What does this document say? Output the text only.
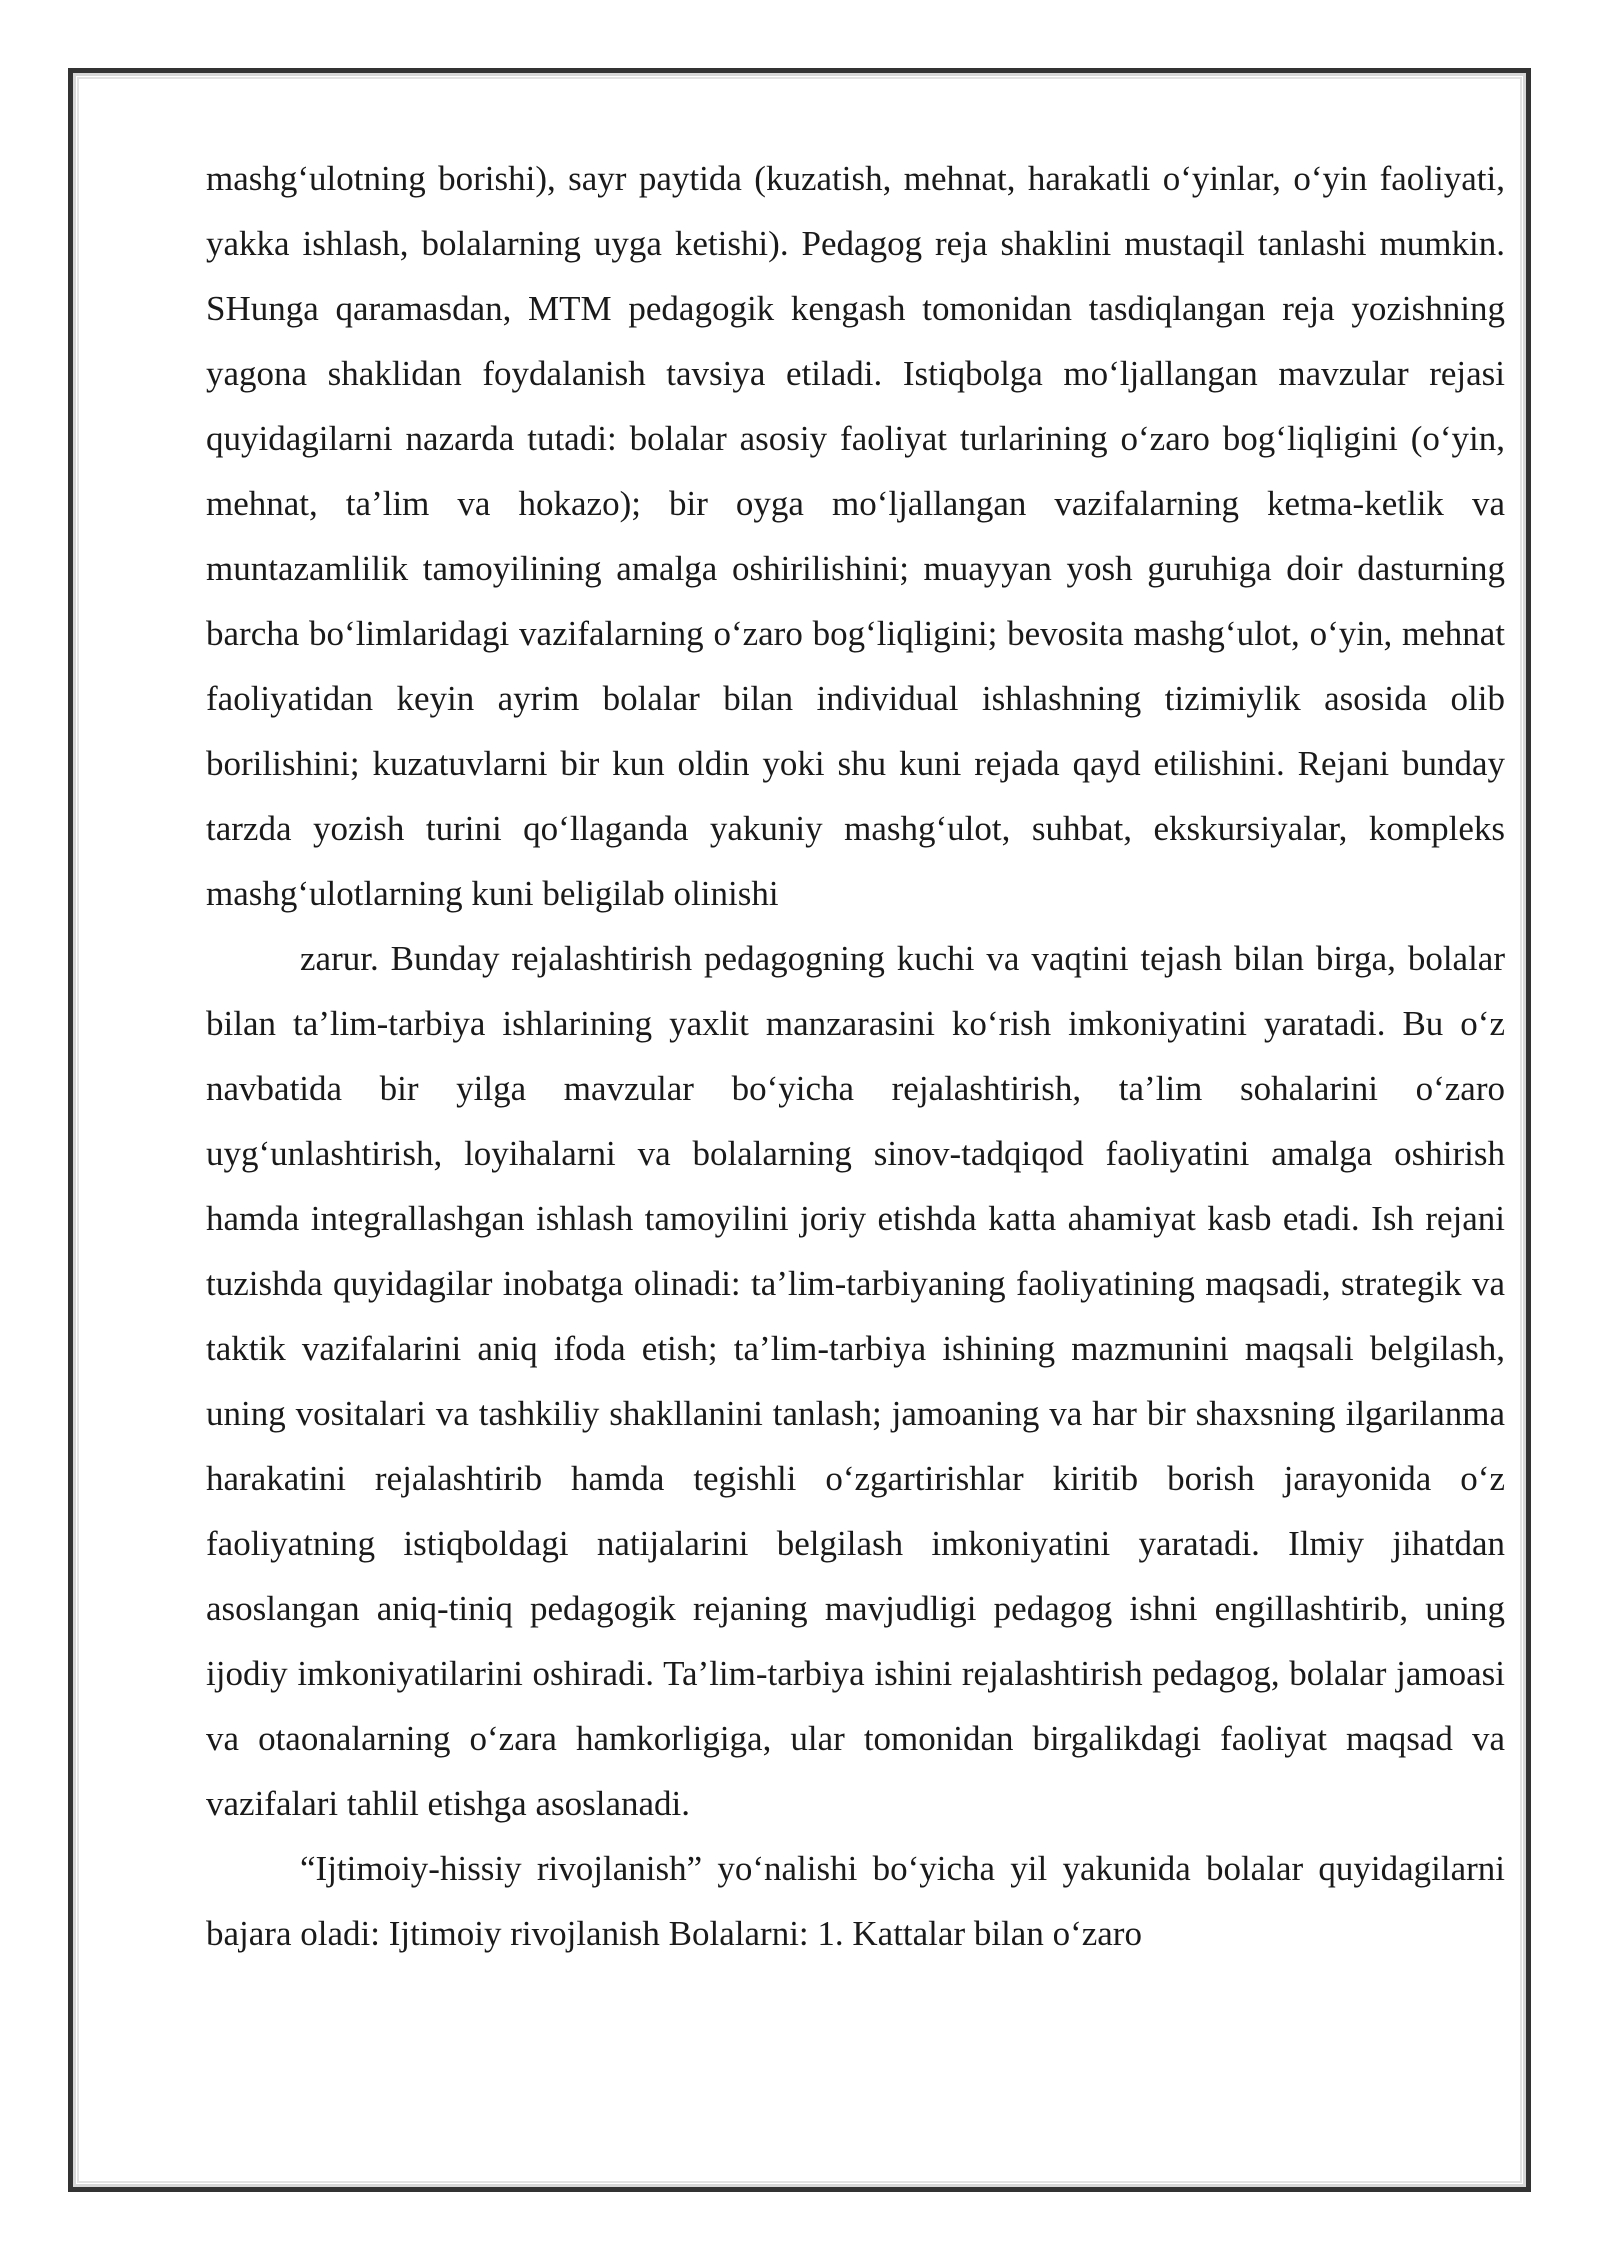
mashg‘ulotning borishi), sayr paytida (kuzatish, mehnat, harakatli o‘yinlar, o‘yin faoliyati, yakka ishlash, bolalarning uyga ketishi). Pedagog reja shaklini mustaqil tanlashi mumkin. SHunga qaramasdan, MTM pedagogik kengash tomonidan tasdiqlangan reja yozishning yagona shaklidan foydalanish tavsiya etiladi. Istiqbolga mo‘ljallangan mavzular rejasi quyidagilarni nazarda tutadi: bolalar asosiy faoliyat turlarining o‘zaro bog‘liqligini (o‘yin, mehnat, ta’lim va hokazo); bir oyga mo‘ljallangan vazifalarning ketma-ketlik va muntazamlilik tamoyilining amalga oshirilishini; muayyan yosh guruhiga doir dasturning barcha bo‘limlaridagi vazifalarning o‘zaro bog‘liqligini; bevosita mashg‘ulot, o‘yin, mehnat faoliyatidan keyin ayrim bolalar bilan individual ishlashning tizimiylik asosida olib borilishini; kuzatuvlarni bir kun oldin yoki shu kuni rejada qayd etilishini. Rejani bunday tarzda yozish turini qo‘llaganda yakuniy mashg‘ulot, suhbat, ekskursiyalar, kompleks mashg‘ulotlarning kuni beligilab olinishi

zarur. Bunday rejalashtirish pedagogning kuchi va vaqtini tejash bilan birga, bolalar bilan ta’lim-tarbiya ishlarining yaxlit manzarasini ko‘rish imkoniyatini yaratadi. Bu o‘z navbatida bir yilga mavzular bo‘yicha rejalashtirish, ta’lim sohalarini o‘zaro uyg‘unlashtirish, loyihalarni va bolalarning sinov-tadqiqod faoliyatini amalga oshirish hamda integrallashgan ishlash tamoyilini joriy etishda katta ahamiyat kasb etadi. Ish rejani tuzishda quyidagilar inobatga olinadi: ta’lim-tarbiyaning faoliyatining maqsadi, strategik va taktik vazifalarini aniq ifoda etish; ta’lim-tarbiya ishining mazmunini maqsali belgilash, uning vositalari va tashkiliy shakllanini tanlash; jamoaning va har bir shaxsning ilgarilanma harakatini rejalashtirib hamda tegishli o‘zgartirishlar kiritib borish jarayonida o‘z faoliyatning istiqboldagi natijalarini belgilash imkoniyatini yaratadi. Ilmiy jihatdan asoslangan aniq-tiniq pedagogik rejaning mavjudligi pedagog ishni engillashtirib, uning ijodiy imkoniyatilarini oshiradi. Ta’lim-tarbiya ishini rejalashtirish pedagog, bolalar jamoasi va otaonalarning o‘zara hamkorligiga, ular tomonidan birgalikdagi faoliyat maqsad va vazifalari tahlil etishga asoslanadi.

“Ijtimoiy-hissiy rivojlanish” yo‘nalishi bo‘yicha yil yakunida bolalar quyidagilarni bajara oladi: Ijtimoiy rivojlanish Bolalarni: 1. Kattalar bilan o‘zaro
